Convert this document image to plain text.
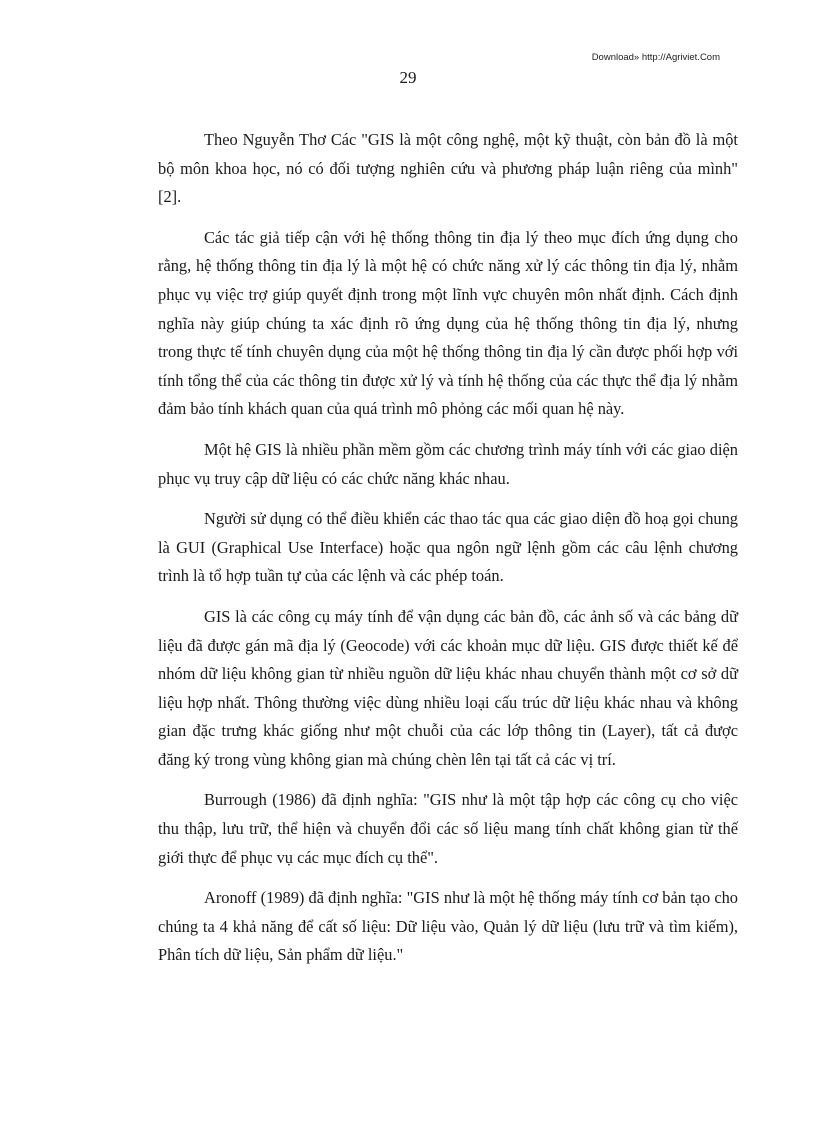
Download» http://Agriviet.Com
29

Theo Nguyễn Thơ Các "GIS là một công nghệ, một kỹ thuật, còn bản đồ là một bộ môn khoa học, nó có đối tượng nghiên cứu và phương pháp luận riêng của mình" [2].

Các tác giả tiếp cận với hệ thống thông tin địa lý theo mục đích ứng dụng cho rằng, hệ thống thông tin địa lý là một hệ có chức năng xử lý các thông tin địa lý, nhằm phục vụ việc trợ giúp quyết định trong một lĩnh vực chuyên môn nhất định. Cách định nghĩa này giúp chúng ta xác định rõ ứng dụng của hệ thống thông tin địa lý, nhưng trong thực tế tính chuyên dụng của một hệ thống thông tin địa lý cần được phối hợp với tính tổng thể của các thông tin được xử lý và tính hệ thống của các thực thể địa lý nhằm đảm bảo tính khách quan của quá trình mô phỏng các mối quan hệ này.

Một hệ GIS là nhiều phần mềm gồm các chương trình máy tính với các giao diện phục vụ truy cập dữ liệu có các chức năng khác nhau.

Người sử dụng có thể điều khiển các thao tác qua các giao diện đồ hoạ gọi chung là GUI (Graphical Use Interface) hoặc qua ngôn ngữ lệnh gồm các câu lệnh chương trình là tổ hợp tuần tự của các lệnh và các phép toán.

GIS là các công cụ máy tính để vận dụng các bản đồ, các ảnh số và các bảng dữ liệu đã được gán mã địa lý (Geocode) với các khoản mục dữ liệu. GIS được thiết kế để nhóm dữ liệu không gian từ nhiều nguồn dữ liệu khác nhau chuyển thành một cơ sở dữ liệu hợp nhất. Thông thường việc dùng nhiều loại cấu trúc dữ liệu khác nhau và không gian đặc trưng khác giống như một chuỗi của các lớp thông tin (Layer), tất cả được đăng ký trong vùng không gian mà chúng chèn lên tại tất cả các vị trí.

Burrough (1986) đã định nghĩa: "GIS như là một tập hợp các công cụ cho việc thu thập, lưu trữ, thể hiện và chuyển đổi các số liệu mang tính chất không gian từ thế giới thực để phục vụ các mục đích cụ thể".

Aronoff (1989) đã định nghĩa: "GIS như là một hệ thống máy tính cơ bản tạo cho chúng ta 4 khả năng để cất số liệu: Dữ liệu vào, Quản lý dữ liệu (lưu trữ và tìm kiếm), Phân tích dữ liệu, Sản phẩm dữ liệu."
